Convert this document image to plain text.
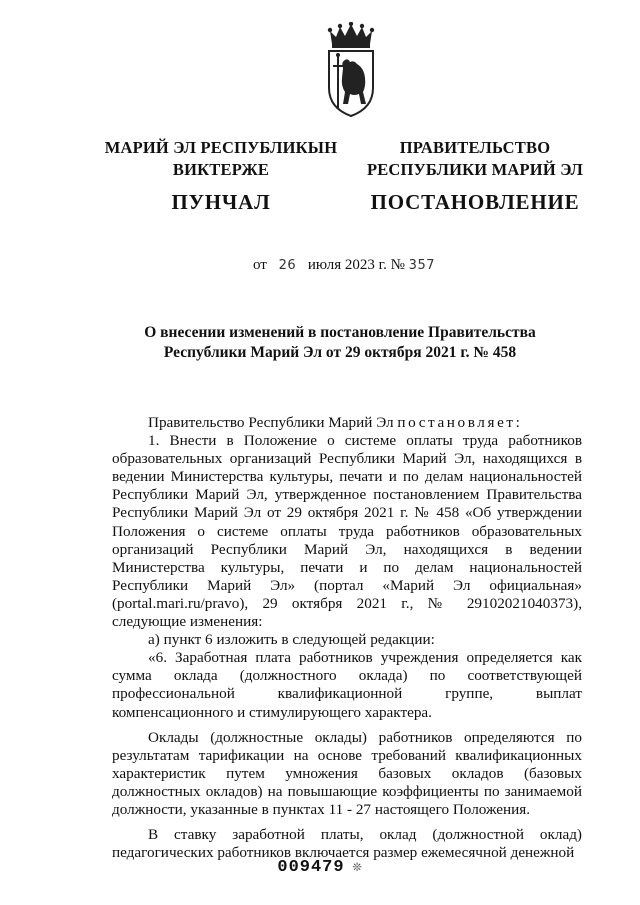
МАРИЙ ЭЛ РЕСПУБЛИКЫН
ВИКТЕРЖЕ
ПУНЧАЛ
ПРАВИТЕЛЬСТВО
РЕСПУБЛИКИ МАРИЙ ЭЛ
ПОСТАНОВЛЕНИЕ
от 26 июля 2023 г. № 357
О внесении изменений в постановление Правительства
Республики Марий Эл от 29 октября 2021 г. № 458

Правительство Республики Марий Эл постановляет:

1. Внести в Положение о системе оплаты труда работников образовательных организаций Республики Марий Эл, находящихся в ведении Министерства культуры, печати и по делам национальностей Республики Марий Эл, утвержденное постановлением Правительства Республики Марий Эл от 29 октября 2021 г. № 458 «Об утверждении Положения о системе оплаты труда работников образовательных организаций Республики Марий Эл, находящихся в ведении Министерства культуры, печати и по делам национальностей Республики Марий Эл» (портал «Марий Эл официальная» (portal.mari.ru/pravo), 29 октября 2021 г., № 29102021040373), следующие изменения:

а) пункт 6 изложить в следующей редакции:

«6. Заработная плата работников учреждения определяется как сумма оклада (должностного оклада) по соответствующей профессиональной квалификационной группе, выплат компенсационного и стимулирующего характера.

Оклады (должностные оклады) работников определяются по результатам тарификации на основе требований квалификационных характеристик путем умножения базовых окладов (базовых должностных окладов) на повышающие коэффициенты по занимаемой должности, указанные в пунктах 11 - 27 настоящего Положения.

В ставку заработной платы, оклад (должностной оклад) педагогических работников включается размер ежемесячной денежной

009479 ❊
